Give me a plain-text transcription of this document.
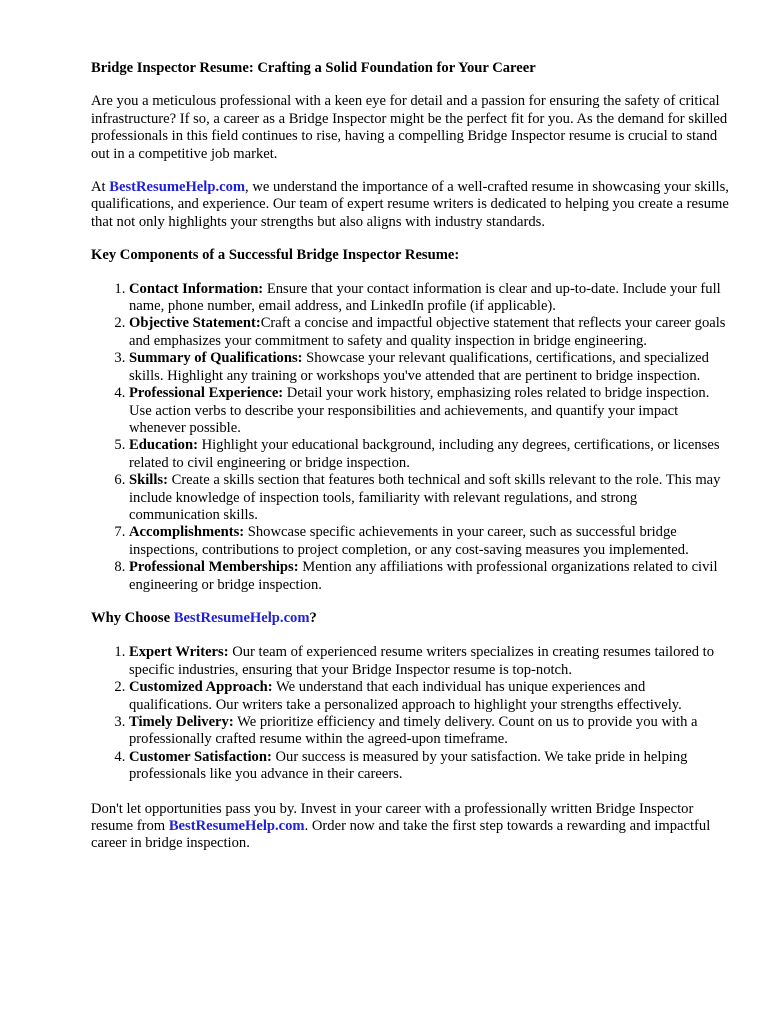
Bridge Inspector Resume: Crafting a Solid Foundation for Your Career

Are you a meticulous professional with a keen eye for detail and a passion for ensuring the safety of critical infrastructure? If so, a career as a Bridge Inspector might be the perfect fit for you. As the demand for skilled professionals in this field continues to rise, having a compelling Bridge Inspector resume is crucial to stand out in a competitive job market.

At BestResumeHelp.com, we understand the importance of a well-crafted resume in showcasing your skills, qualifications, and experience. Our team of expert resume writers is dedicated to helping you create a resume that not only highlights your strengths but also aligns with industry standards.

Key Components of a Successful Bridge Inspector Resume:
1. Contact Information: Ensure that your contact information is clear and up-to-date. Include your full name, phone number, email address, and LinkedIn profile (if applicable).
2. Objective Statement:Craft a concise and impactful objective statement that reflects your career goals and emphasizes your commitment to safety and quality inspection in bridge engineering.
3. Summary of Qualifications: Showcase your relevant qualifications, certifications, and specialized skills. Highlight any training or workshops you've attended that are pertinent to bridge inspection.
4. Professional Experience: Detail your work history, emphasizing roles related to bridge inspection. Use action verbs to describe your responsibilities and achievements, and quantify your impact whenever possible.
5. Education: Highlight your educational background, including any degrees, certifications, or licenses related to civil engineering or bridge inspection.
6. Skills: Create a skills section that features both technical and soft skills relevant to the role. This may include knowledge of inspection tools, familiarity with relevant regulations, and strong communication skills.
7. Accomplishments: Showcase specific achievements in your career, such as successful bridge inspections, contributions to project completion, or any cost-saving measures you implemented.
8. Professional Memberships: Mention any affiliations with professional organizations related to civil engineering or bridge inspection.
Why Choose BestResumeHelp.com?
1. Expert Writers: Our team of experienced resume writers specializes in creating resumes tailored to specific industries, ensuring that your Bridge Inspector resume is top-notch.
2. Customized Approach: We understand that each individual has unique experiences and qualifications. Our writers take a personalized approach to highlight your strengths effectively.
3. Timely Delivery: We prioritize efficiency and timely delivery. Count on us to provide you with a professionally crafted resume within the agreed-upon timeframe.
4. Customer Satisfaction: Our success is measured by your satisfaction. We take pride in helping professionals like you advance in their careers.

Don't let opportunities pass you by. Invest in your career with a professionally written Bridge Inspector resume from BestResumeHelp.com. Order now and take the first step towards a rewarding and impactful career in bridge inspection.
